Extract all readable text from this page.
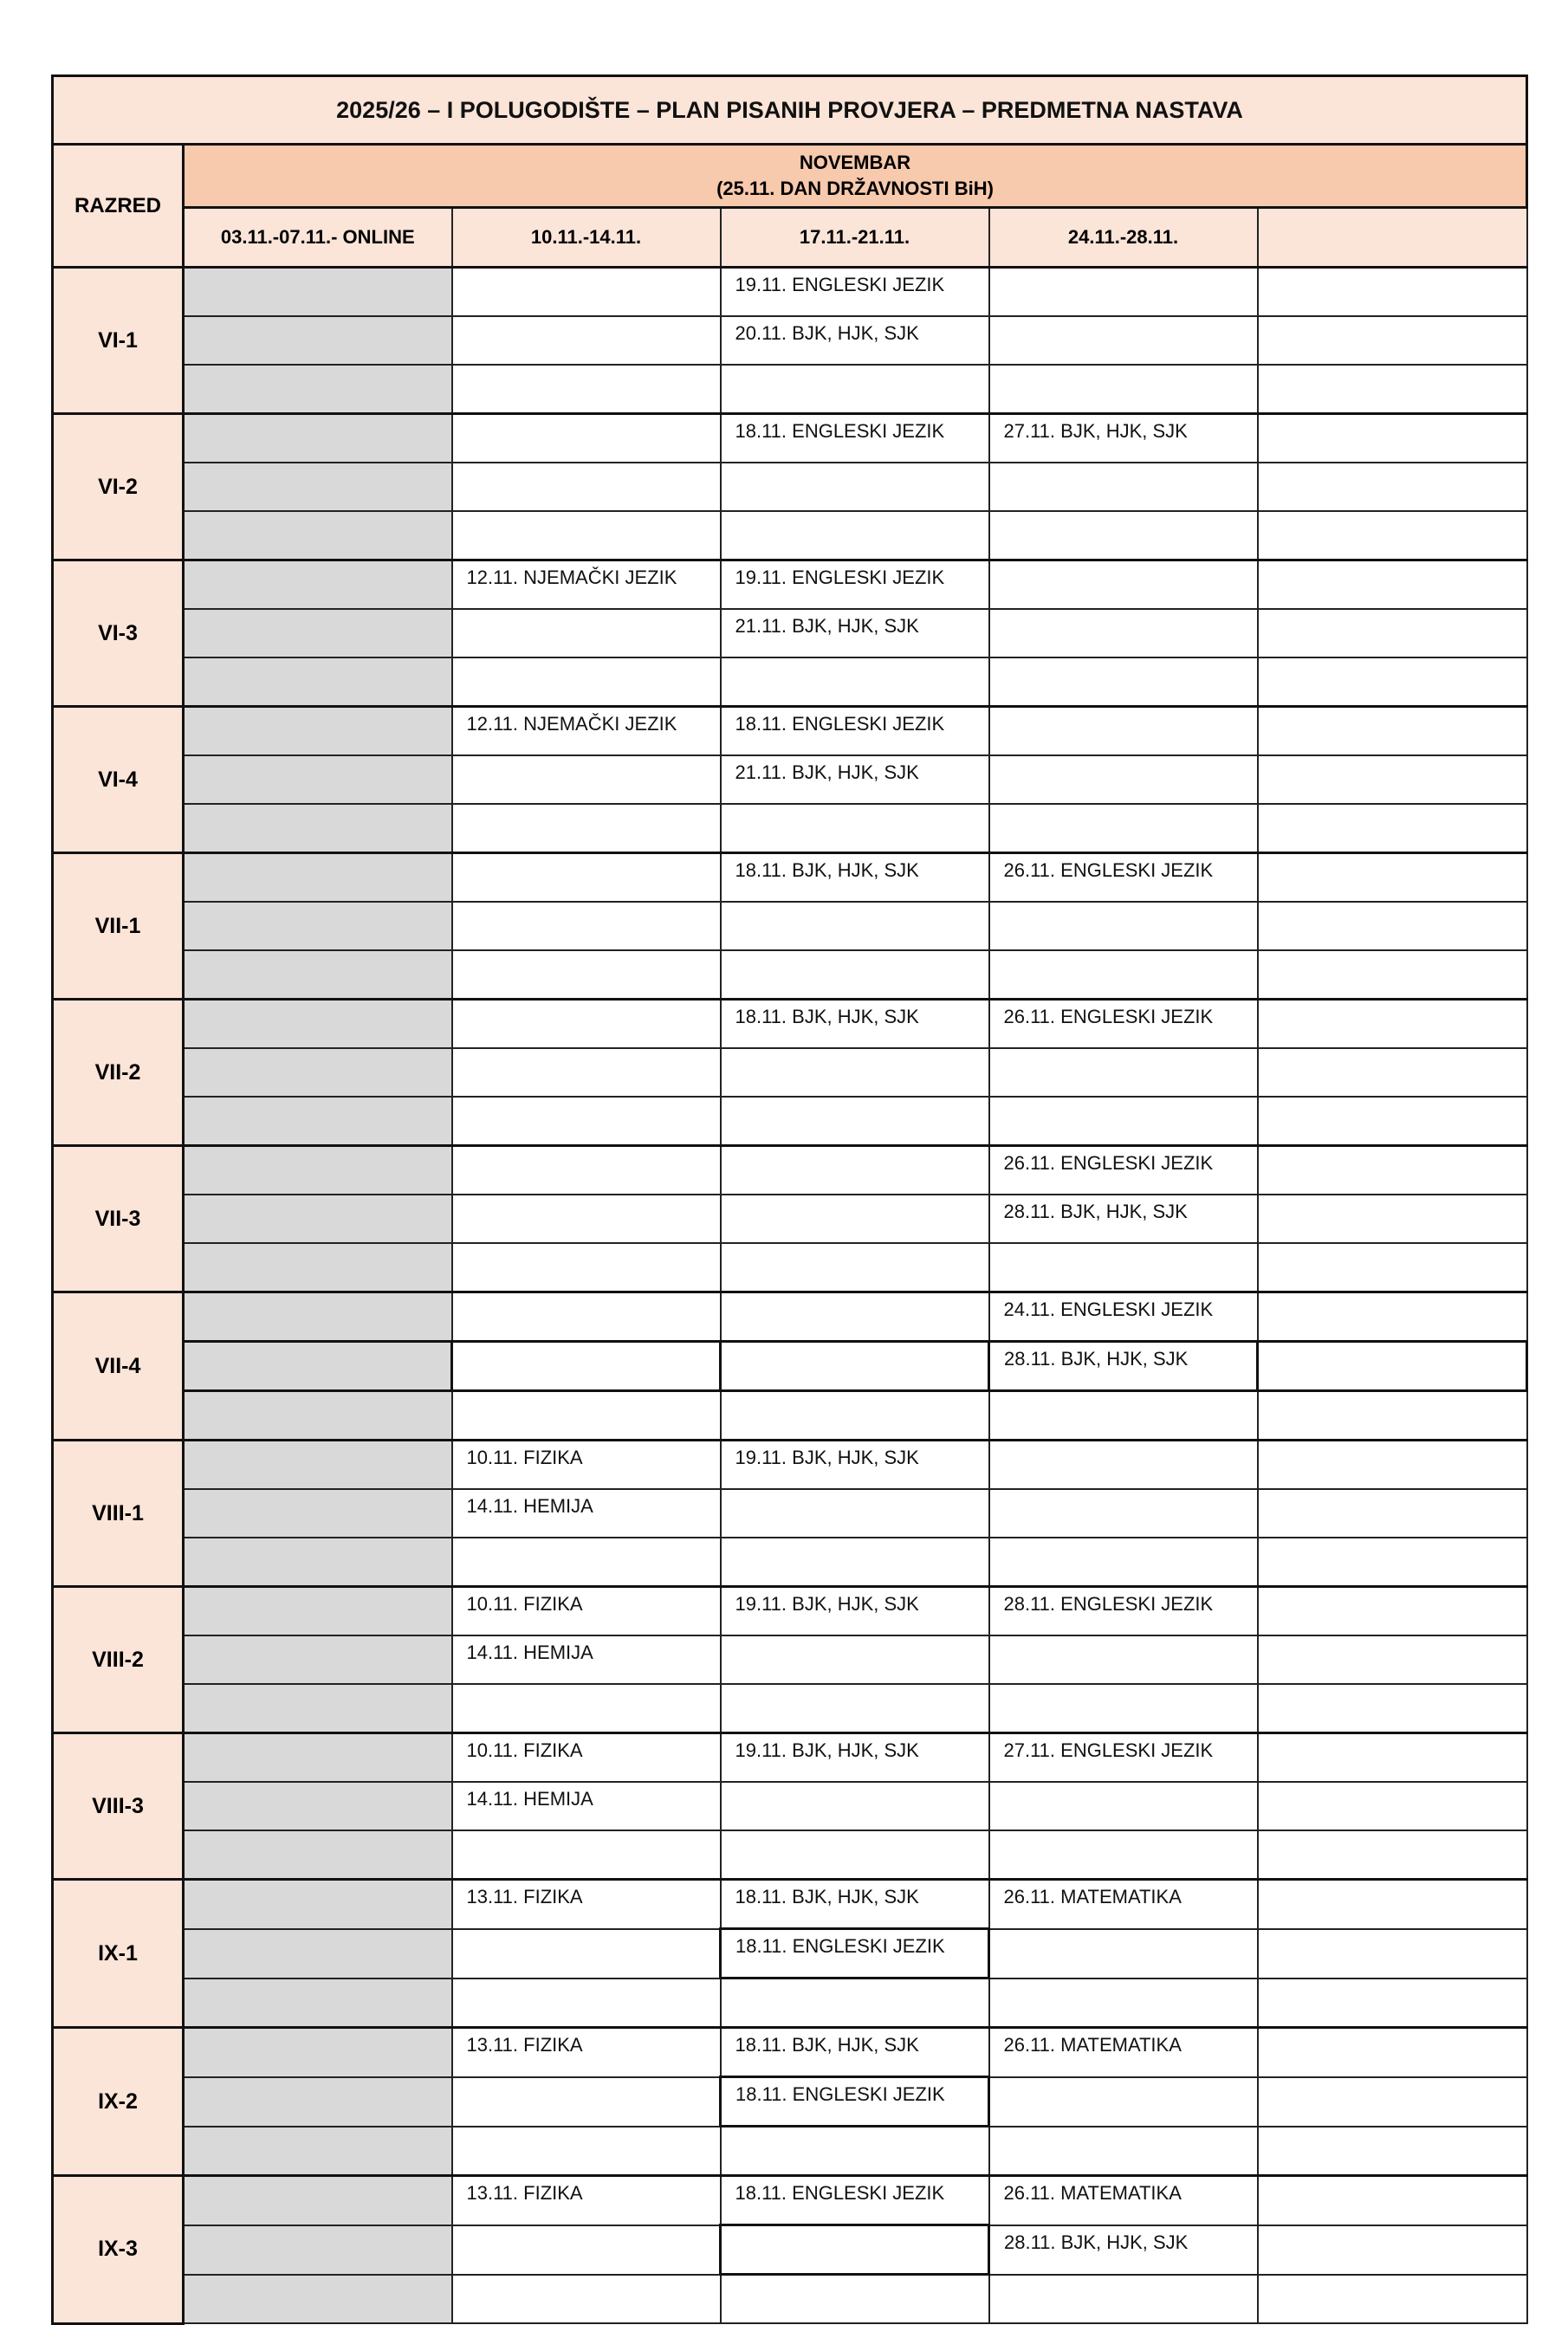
2025/26 – I POLUGODIŠTE – PLAN PISANIH PROVJERA – PREDMETNA NASTAVA					
RAZRED	NOVEMBAR
(25.11. DAN DRŽAVNOSTI BiH)				

	03.11.-07.11.- ONLINE	10.11.-14.11.	17.11.-21.11.	24.11.-28.11.	
VI-1			19.11. ENGLESKI JEZIK		
			20.11. BJK, HJK, SJK		

VI-2			18.11. ENGLESKI JEZIK	27.11. BJK, HJK, SJK	

VI-3		12.11. NJEMAČKI JEZIK	19.11. ENGLESKI JEZIK		
			21.11. BJK, HJK, SJK		

VI-4		12.11. NJEMAČKI JEZIK	18.11. ENGLESKI JEZIK		
			21.11. BJK, HJK, SJK		

VII-1			18.11. BJK, HJK, SJK	26.11. ENGLESKI JEZIK	

VII-2			18.11. BJK, HJK, SJK	26.11. ENGLESKI JEZIK	

VII-3				26.11. ENGLESKI JEZIK	
				28.11. BJK, HJK, SJK	

VII-4				24.11. ENGLESKI JEZIK	
				28.11. BJK, HJK, SJK	

VIII-1		10.11. FIZIKA	19.11. BJK, HJK, SJK		
		14.11. HEMIJA			

VIII-2		10.11. FIZIKA	19.11. BJK, HJK, SJK	28.11. ENGLESKI JEZIK	
		14.11. HEMIJA			

VIII-3		10.11. FIZIKA	19.11. BJK, HJK, SJK	27.11. ENGLESKI JEZIK	
		14.11. HEMIJA			

IX-1		13.11. FIZIKA	18.11. BJK, HJK, SJK	26.11. MATEMATIKA	
			18.11. ENGLESKI JEZIK		

IX-2		13.11. FIZIKA	18.11. BJK, HJK, SJK	26.11. MATEMATIKA	
			18.11. ENGLESKI JEZIK		

IX-3		13.11. FIZIKA	18.11. ENGLESKI JEZIK	26.11. MATEMATIKA	
				28.11. BJK, HJK, SJK	
